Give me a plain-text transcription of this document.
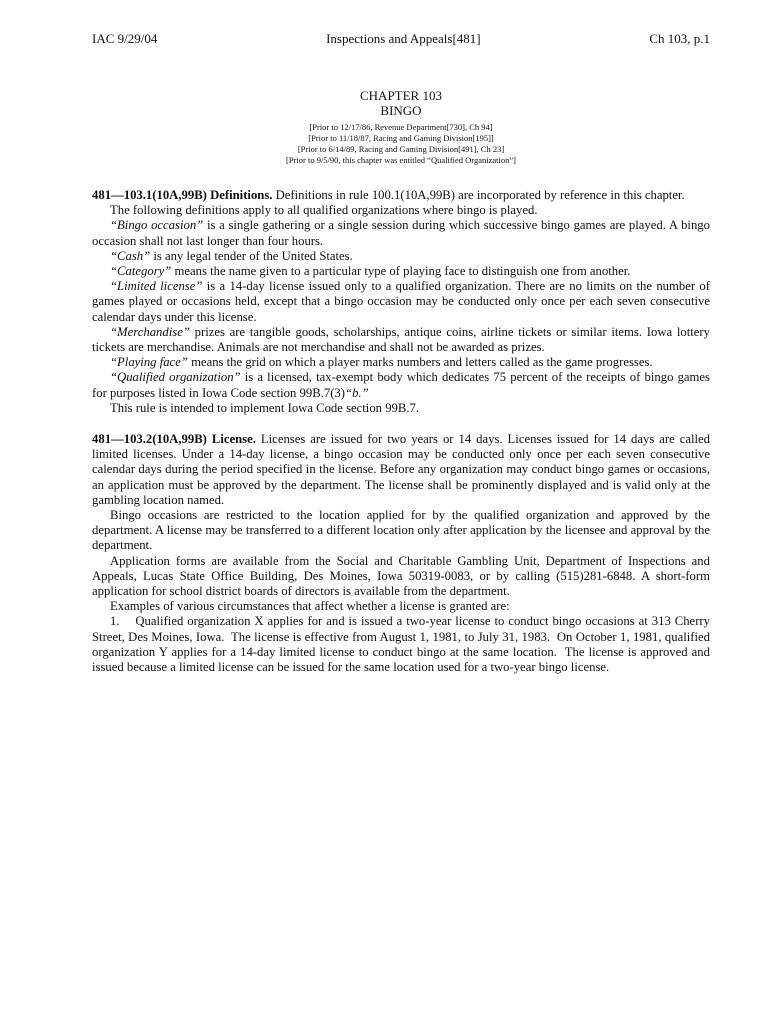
IAC 9/29/04	Inspections and Appeals[481]	Ch 103, p.1
CHAPTER 103
BINGO
[Prior to 12/17/86, Revenue Department[730], Ch 94]
[Prior to 11/18/87, Racing and Gaming Division[195]]
[Prior to 6/14/89, Racing and Gaming Division[491], Ch 23]
[Prior to 9/5/90, this chapter was entitled “Qualified Organization”]

481—103.1(10A,99B) Definitions. Definitions in rule 100.1(10A,99B) are incorporated by reference in this chapter.

The following definitions apply to all qualified organizations where bingo is played.

“Bingo occasion” is a single gathering or a single session during which successive bingo games are played. A bingo occasion shall not last longer than four hours.

“Cash” is any legal tender of the United States.

“Category” means the name given to a particular type of playing face to distinguish one from another.

“Limited license” is a 14-day license issued only to a qualified organization. There are no limits on the number of games played or occasions held, except that a bingo occasion may be conducted only once per each seven consecutive calendar days under this license.

“Merchandise” prizes are tangible goods, scholarships, antique coins, airline tickets or similar items. Iowa lottery tickets are merchandise. Animals are not merchandise and shall not be awarded as prizes.

“Playing face” means the grid on which a player marks numbers and letters called as the game progresses.

“Qualified organization” is a licensed, tax-exempt body which dedicates 75 percent of the receipts of bingo games for purposes listed in Iowa Code section 99B.7(3)“b.”

This rule is intended to implement Iowa Code section 99B.7.

481—103.2(10A,99B) License. Licenses are issued for two years or 14 days. Licenses issued for 14 days are called limited licenses. Under a 14-day license, a bingo occasion may be conducted only once per each seven consecutive calendar days during the period specified in the license. Before any organization may conduct bingo games or occasions, an application must be approved by the department. The license shall be prominently displayed and is valid only at the gambling location named.

Bingo occasions are restricted to the location applied for by the qualified organization and approved by the department. A license may be transferred to a different location only after application by the licensee and approval by the department.

Application forms are available from the Social and Charitable Gambling Unit, Department of Inspections and Appeals, Lucas State Office Building, Des Moines, Iowa 50319-0083, or by calling (515)281-6848. A short-form application for school district boards of directors is available from the department.

Examples of various circumstances that affect whether a license is granted are:

1.    Qualified organization X applies for and is issued a two-year license to conduct bingo occasions at 313 Cherry Street, Des Moines, Iowa.  The license is effective from August 1, 1981, to July 31, 1983.  On October 1, 1981, qualified organization Y applies for a 14-day limited license to conduct bingo at the same location.  The license is approved and issued because a limited license can be issued for the same location used for a two-year bingo license.
